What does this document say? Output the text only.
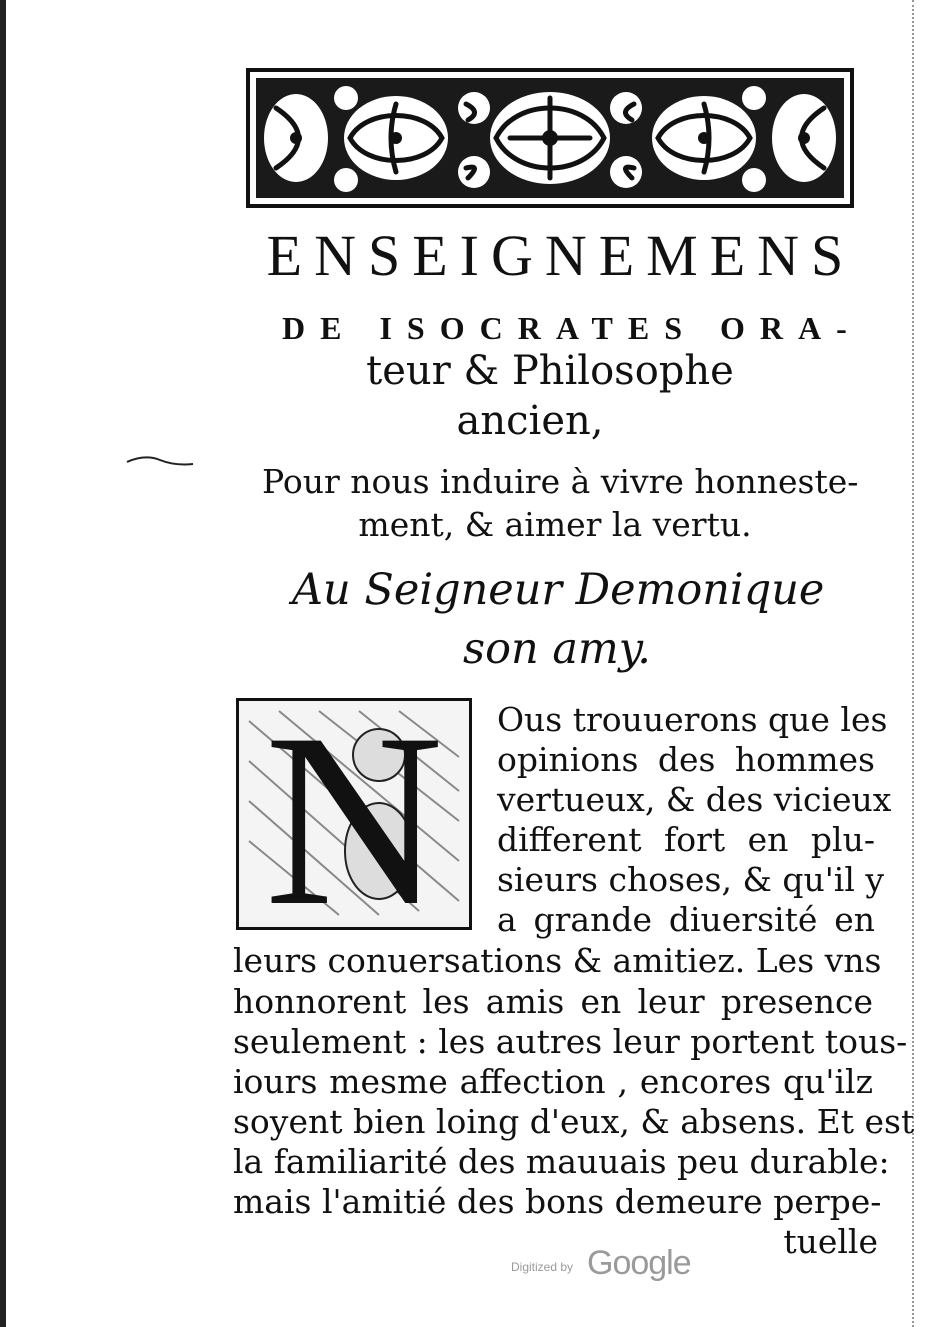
ENSEIGNEMENS
DE ISOCRATES ORA-
teur & Philosophe
ancien,
Pour nous induire à vivre honneste-
ment, & aimer la vertu.
Au Seigneur Demonique
son amy.
N	Ous trouuerons que les
opinions des hommes
vertueux, & des vicieux
different fort en plu-
sieurs choses, & qu'il y
a grande diuersité en
leurs conuersations & amitiez. Les vns
honnorent les amis en leur presence
seulement : les autres leur portent tous-
iours mesme affection , encores qu'ilz
soyent bien loing d'eux, & absens. Et est
la familiarité des mauuais peu durable:
mais l'amitié des bons demeure perpe-
tuelle
Digitized by Google
